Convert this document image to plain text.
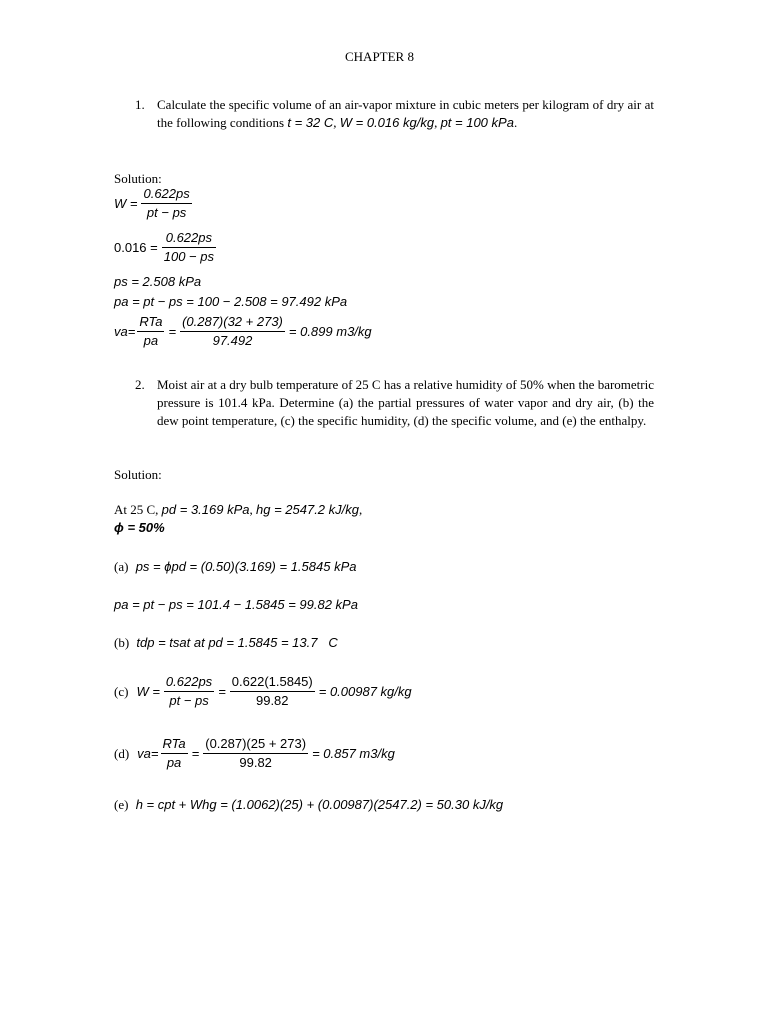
CHAPTER 8
1. Calculate the specific volume of an air-vapor mixture in cubic meters per kilogram of dry air at the following conditions t = 32 C, W = 0.016 kg/kg, pt = 100 kPa.
Solution:
$W = \frac{0.622ps}{pt - ps}$
$0.016 = \frac{0.622ps}{100 - ps}$
ps = 2.508 kPa
pa = pt − ps = 100 − 2.508 = 97.492 kPa
$va= \frac{\text{RTa}}{pa} = \frac{(0.287)(32 + 273)}{97.492} = 0.899$ m3/kg
2. Moist air at a dry bulb temperature of 25 C has a relative humidity of 50% when the barometric pressure is 101.4 kPa. Determine (a) the partial pressures of water vapor and dry air, (b) the dew point temperature, (c) the specific humidity, (d) the specific volume, and (e) the enthalpy.
Solution:
At 25 C, pd = 3.169 kPa, hg = 2547.2 kJ/kg,
ϕ = 50%
(a) ps = ϕpd = (0.50)(3.169) = 1.5845 kPa
pa = pt − ps = 101.4 − 1.5845 = 99.82 kPa
(b) tdp = tsat at pd = 1.5845 = 13.7   C
(c) $W = \frac{0.622ps}{pt - ps} = \frac{0.622(1.5845)}{99.82} = 0.00987$ kg/kg
(d) $va= \frac{\text{RTa}}{pa} = \frac{(0.287)(25 + 273)}{99.82} = 0.857$ m3/kg
(e) h = cpt + Whg = (1.0062)(25) + (0.00987)(2547.2) = 50.30 kJ/kg
